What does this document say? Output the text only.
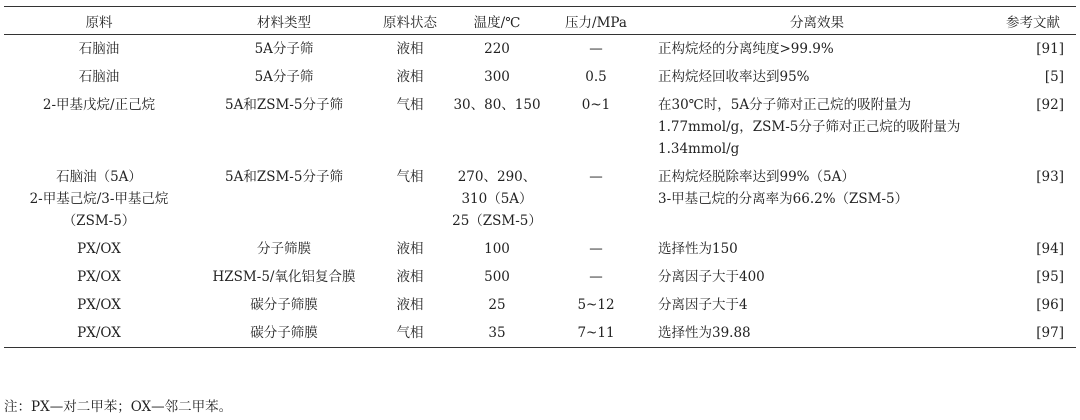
原料	材料类型	原料状态	温度/℃	压力/MPa	分离效果	参考文献

石脑油	5A分子筛	液相	220	—	正构烷烃的分离纯度>99.9%	[91]

石脑油	5A分子筛	液相	300	0.5	正构烷烃回收率达到95%	[5]

2-甲基戊烷/正己烷	5A和ZSM-5分子筛	气相	30、80、150	0~1	在30℃时，5A分子筛对正己烷的吸附量为
1.77mmol/g，ZSM-5分子筛对正己烷的吸附量为
1.34mmol/g	[92]

石脑油（5A）
2-甲基己烷/3-甲基己烷
（ZSM-5）	5A和ZSM-5分子筛	气相	270、290、
310（5A）
25（ZSM-5）	—	正构烷烃脱除率达到99%（5A）
3-甲基己烷的分离率为66.2%（ZSM-5）	[93]

PX/OX	分子筛膜	液相	100	—	选择性为150	[94]

PX/OX	HZSM-5/氧化铝复合膜	液相	500	—	分离因子大于400	[95]

PX/OX	碳分子筛膜	液相	25	5~12	分离因子大于4	[96]

PX/OX	碳分子筛膜	气相	35	7~11	选择性为39.88	[97]
注：PX—对二甲苯；OX—邻二甲苯。
